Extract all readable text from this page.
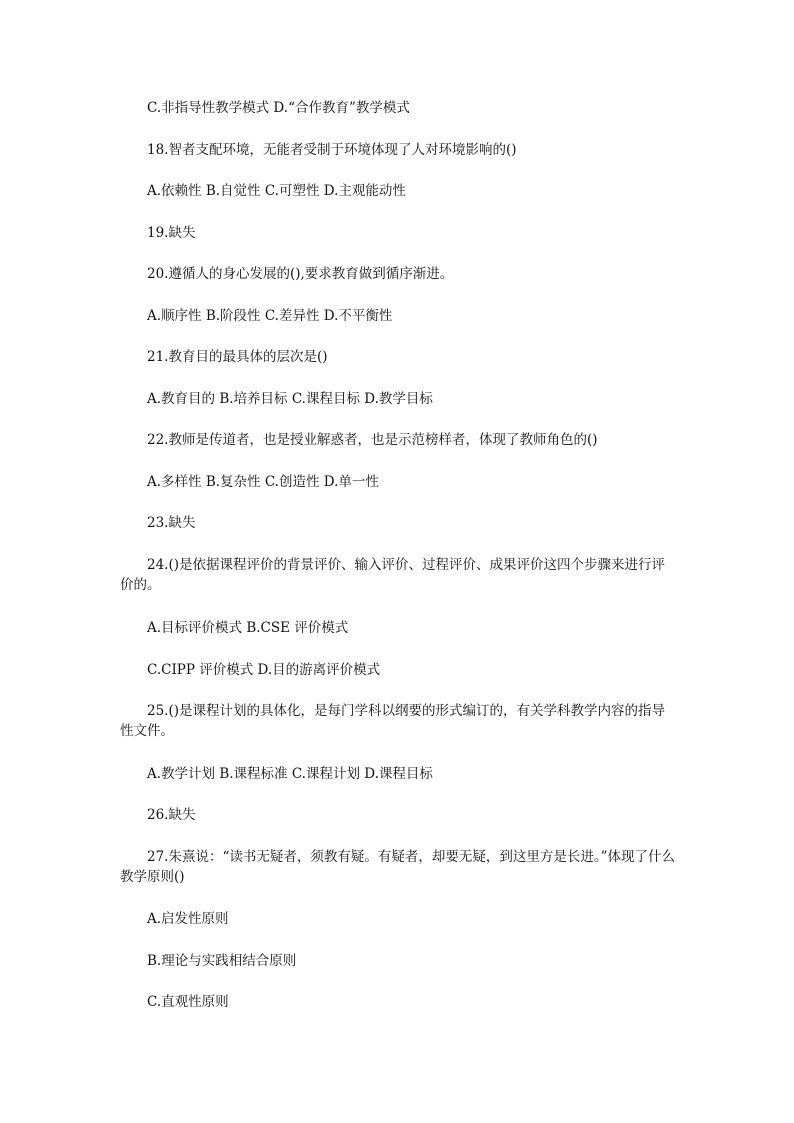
C.非指导性教学模式 D.“合作教育”教学模式
18.智者支配环境，无能者受制于环境体现了人对环境影响的()
A.依赖性 B.自觉性 C.可塑性 D.主观能动性
19.缺失
20.遵循人的身心发展的(),要求教育做到循序渐进。
A.顺序性 B.阶段性 C.差异性 D.不平衡性
21.教育目的最具体的层次是()
A.教育目的 B.培养目标 C.课程目标 D.教学目标
22.教师是传道者，也是授业解惑者，也是示范榜样者，体现了教师角色的()
A.多样性 B.复杂性 C.创造性 D.单一性
23.缺失
24.()是依据课程评价的背景评价、输入评价、过程评价、成果评价这四个步骤来进行评价的。
A.目标评价模式 B.CSE 评价模式
C.CIPP 评价模式 D.目的游离评价模式
25.()是课程计划的具体化，是每门学科以纲要的形式编订的，有关学科教学内容的指导性文件。
A.教学计划 B.课程标准 C.课程计划 D.课程目标
26.缺失
27.朱熹说：“读书无疑者，须教有疑。有疑者，却要无疑，到这里方是长进。”体现了什么教学原则()
A.启发性原则
B.理论与实践相结合原则
C.直观性原则
